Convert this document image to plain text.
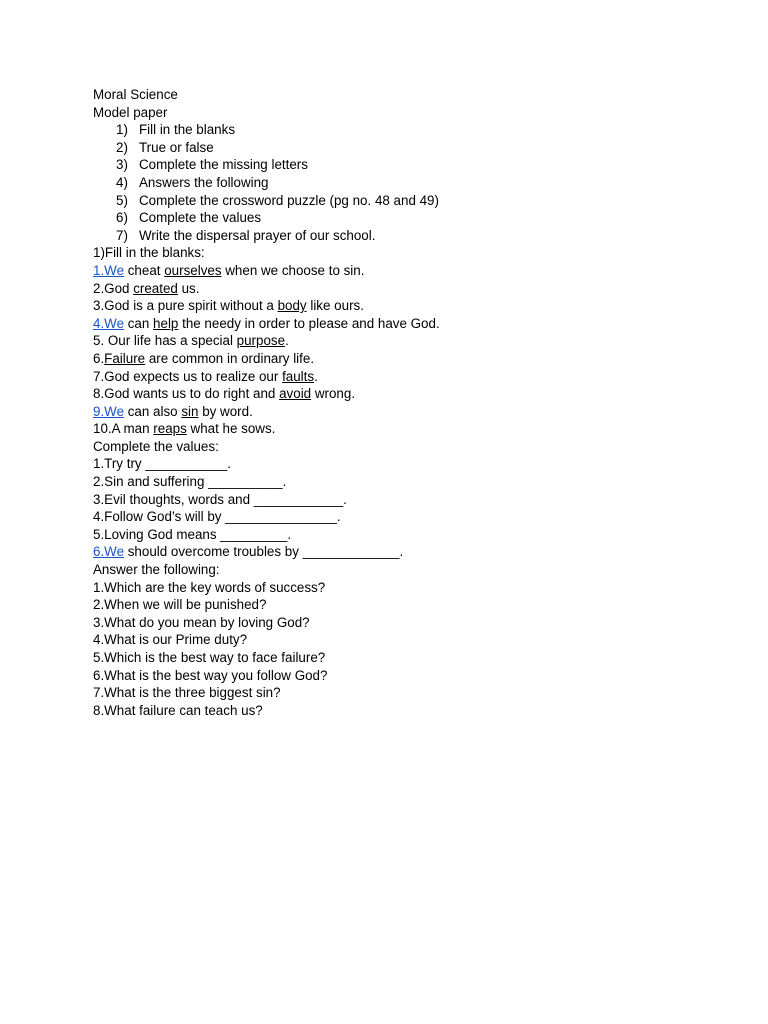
Moral Science
Model paper
1) Fill in the blanks
2) True or false
3) Complete the missing letters
4) Answers the following
5) Complete the crossword puzzle (pg no. 48 and 49)
6) Complete the values
7) Write the dispersal prayer of our school.
1)Fill in the blanks:
1.We cheat ourselves when we choose to sin.
2.God created us.
3.God is a pure spirit without a body like ours.
4.We can help the needy in order to please and have God.
5. Our life has a special purpose.
6.Failure are common in ordinary life.
7.God expects us to realize our faults.
8.God wants us to do right and avoid wrong.
9.We can also sin by word.
10.A man reaps what he sows.
Complete the values:
1.Try try ___________.
2.Sin and suffering __________.
3.Evil thoughts, words and ____________.
4.Follow God’s will by _______________.
5.Loving God means _________.
6.We should overcome troubles by _____________.
Answer the following:
1.Which are the key words of success?
2.When we will be punished?
3.What do you mean by loving God?
4.What is our Prime duty?
5.Which is the best way to face failure?
6.What is the best way you follow God?
7.What is the three biggest sin?
8.What failure can teach us?
